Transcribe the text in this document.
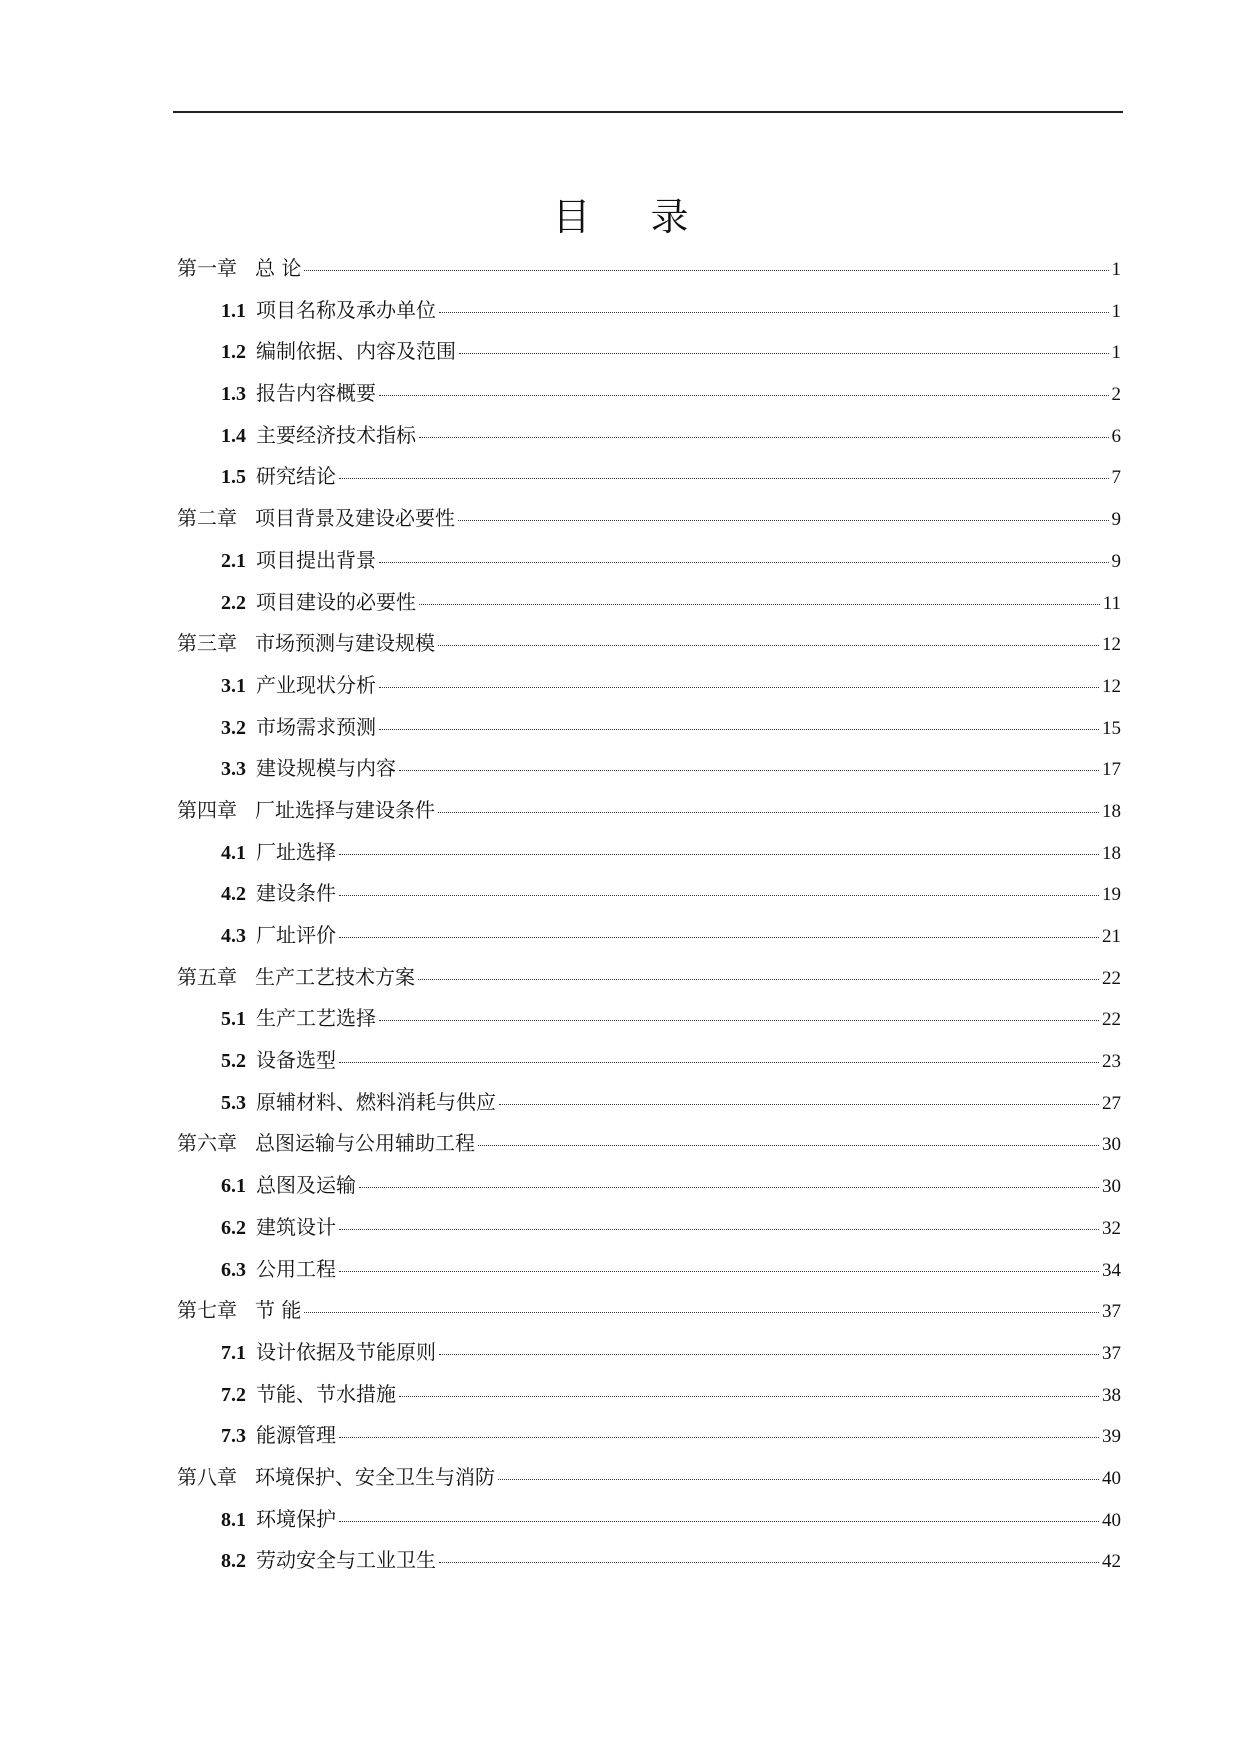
目 录
第一章 总 论	1
1.1 项目名称及承办单位	1
1.2 编制依据、内容及范围	1
1.3 报告内容概要	2
1.4 主要经济技术指标	6
1.5 研究结论	7
第二章 项目背景及建设必要性	9
2.1 项目提出背景	9
2.2 项目建设的必要性	11
第三章 市场预测与建设规模	12
3.1 产业现状分析	12
3.2 市场需求预测	15
3.3 建设规模与内容	17
第四章 厂址选择与建设条件	18
4.1 厂址选择	18
4.2 建设条件	19
4.3 厂址评价	21
第五章 生产工艺技术方案	22
5.1 生产工艺选择	22
5.2 设备选型	23
5.3 原辅材料、燃料消耗与供应	27
第六章 总图运输与公用辅助工程	30
6.1 总图及运输	30
6.2 建筑设计	32
6.3 公用工程	34
第七章 节 能	37
7.1 设计依据及节能原则	37
7.2 节能、节水措施	38
7.3 能源管理	39
第八章 环境保护、安全卫生与消防	40
8.1 环境保护	40
8.2 劳动安全与工业卫生	42
